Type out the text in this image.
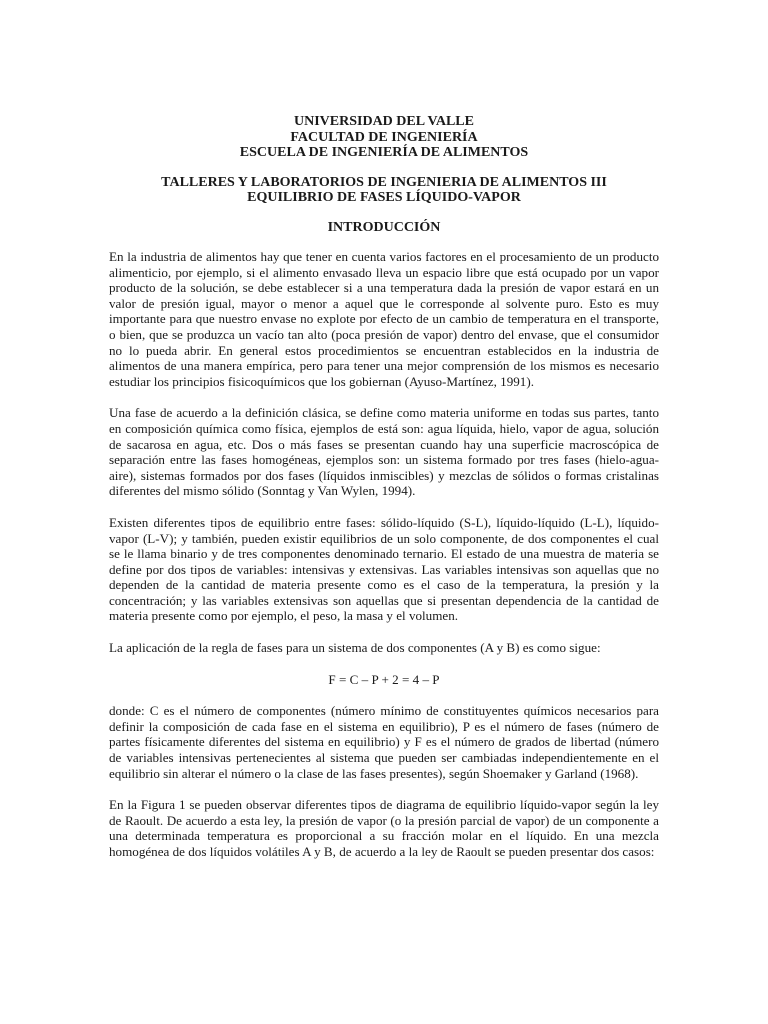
UNIVERSIDAD DEL VALLE

FACULTAD DE INGENIERÍA

ESCUELA DE INGENIERÍA DE ALIMENTOS

TALLERES Y LABORATORIOS DE INGENIERIA DE ALIMENTOS III

EQUILIBRIO DE FASES LÍQUIDO-VAPOR

INTRODUCCIÓN

En la industria de alimentos hay que tener en cuenta varios factores en el procesamiento de un producto alimenticio, por ejemplo, si el alimento envasado lleva un espacio libre que está ocupado por un vapor producto de la solución, se debe establecer si a una temperatura dada la presión de vapor estará en un valor de presión igual, mayor o menor a aquel que le corresponde al solvente puro. Esto es muy importante para que nuestro envase no explote por efecto de un cambio de temperatura en el transporte, o bien, que se produzca un vacío tan alto (poca presión de vapor) dentro del envase, que el consumidor no lo pueda abrir. En general estos procedimientos se encuentran establecidos en la industria de alimentos de una manera empírica, pero para tener una mejor comprensión de los mismos es necesario estudiar los principios fisicoquímicos que los gobiernan (Ayuso-Martínez, 1991).

Una fase de acuerdo a la definición clásica, se define como materia uniforme en todas sus partes, tanto en composición química como física, ejemplos de está son: agua líquida, hielo, vapor de agua, solución de sacarosa en agua, etc. Dos o más fases se presentan cuando hay una superficie macroscópica de separación entre las fases homogéneas, ejemplos son: un sistema formado por tres fases (hielo-agua-aire), sistemas formados por dos fases (líquidos inmiscibles) y mezclas de sólidos o formas cristalinas diferentes del mismo sólido (Sonntag y Van Wylen, 1994).

Existen diferentes tipos de equilibrio entre fases: sólido-líquido (S-L), líquido-líquido (L-L), líquido-vapor (L-V); y también, pueden existir equilibrios de un solo componente, de dos componentes el cual se le llama binario y de tres componentes denominado ternario. El estado de una muestra de materia se define por dos tipos de variables: intensivas y extensivas. Las variables intensivas son aquellas que no dependen de la cantidad de materia presente como es el caso de la temperatura, la presión y la concentración; y las variables extensivas son aquellas que si presentan dependencia de la cantidad de materia presente como por ejemplo, el peso, la masa y el volumen.

La aplicación de la regla de fases para un sistema de dos componentes (A y B) es como sigue:

F = C – P + 2 = 4 – P

donde: C es el número de componentes (número mínimo de constituyentes químicos necesarios para definir la composición de cada fase en el sistema en equilibrio), P es el número de fases (número de partes físicamente diferentes del sistema en equilibrio) y F es el número de grados de libertad (número de variables intensivas pertenecientes al sistema que pueden ser cambiadas independientemente en el equilibrio sin alterar el número o la clase de las fases presentes), según Shoemaker y Garland (1968).

En la Figura 1 se pueden observar diferentes tipos de diagrama de equilibrio líquido-vapor según la ley de Raoult. De acuerdo a esta ley, la presión de vapor (o la presión parcial de vapor) de un componente a una determinada temperatura es proporcional a su fracción molar en el líquido. En una mezcla homogénea de dos líquidos volátiles A y B, de acuerdo a la ley de Raoult se pueden presentar dos casos:
